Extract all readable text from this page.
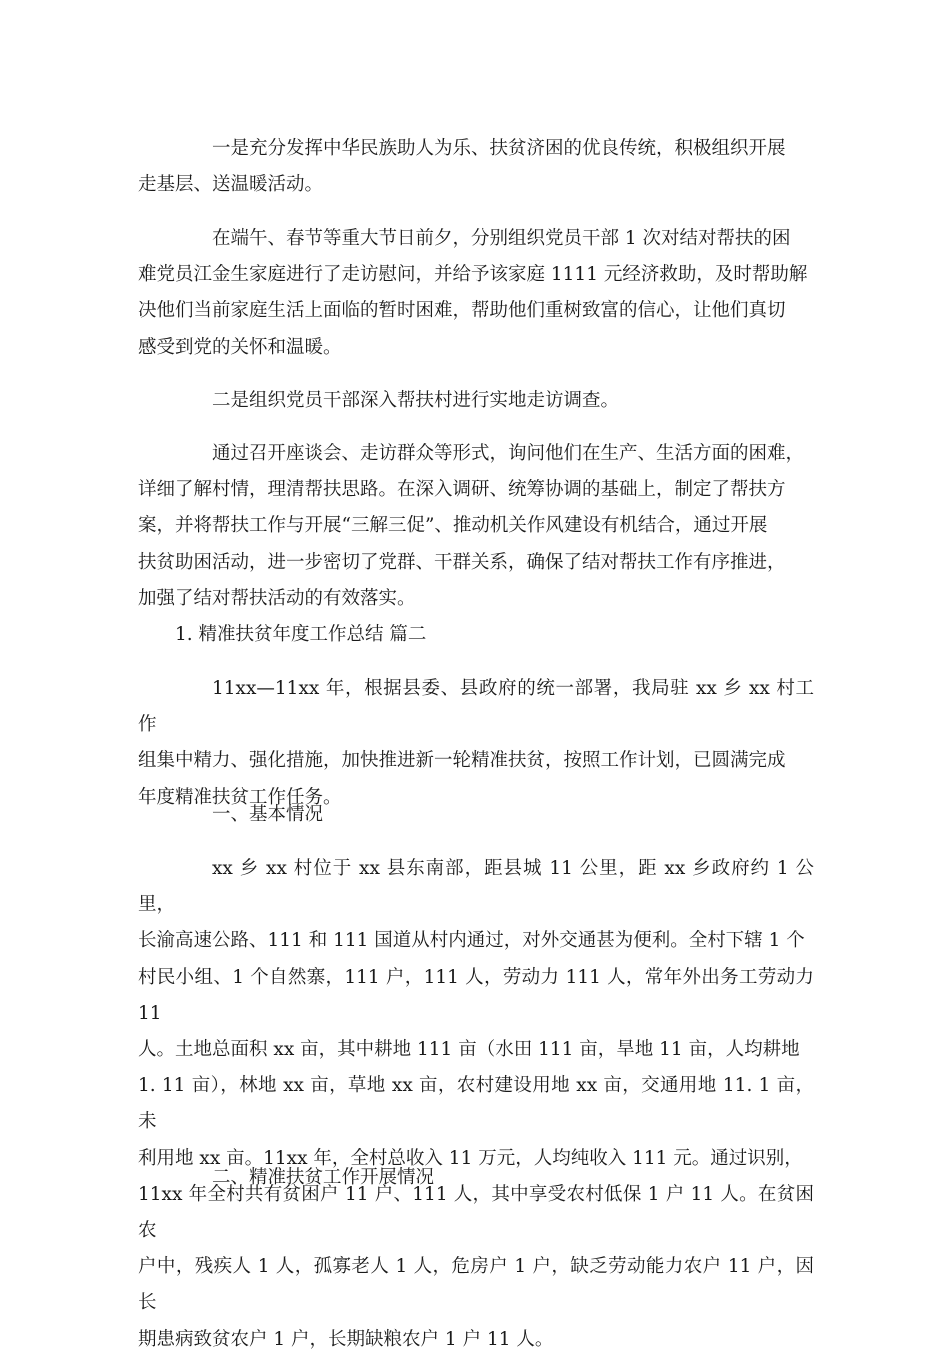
一是充分发挥中华民族助人为乐、扶贫济困的优良传统，积极组织开展
走基层、送温暖活动。

在端午、春节等重大节日前夕，分别组织党员干部 1 次对结对帮扶的困
难党员江金生家庭进行了走访慰问，并给予该家庭 1111 元经济救助，及时帮助解
决他们当前家庭生活上面临的暂时困难，帮助他们重树致富的信心，让他们真切
感受到党的关怀和温暖。

二是组织党员干部深入帮扶村进行实地走访调查。

通过召开座谈会、走访群众等形式，询问他们在生产、生活方面的困难，
详细了解村情，理清帮扶思路。在深入调研、统筹协调的基础上，制定了帮扶方
案，并将帮扶工作与开展“三解三促”、推动机关作风建设有机结合，通过开展
扶贫助困活动，进一步密切了党群、干群关系，确保了结对帮扶工作有序推进，
加强了结对帮扶活动的有效落实。

1. 精准扶贫年度工作总结 篇二

11xx—11xx 年，根据县委、县政府的统一部署，我局驻 xx 乡 xx 村工作
组集中精力、强化措施，加快推进新一轮精准扶贫，按照工作计划，已圆满完成
年度精准扶贫工作任务。

一、基本情况

xx 乡 xx 村位于 xx 县东南部，距县城 11 公里，距 xx 乡政府约 1 公里，
长渝高速公路、111 和 111 国道从村内通过，对外交通甚为便利。全村下辖 1 个
村民小组、1 个自然寨，111 户，111 人，劳动力 111 人，常年外出务工劳动力 11
人。土地总面积 xx 亩，其中耕地 111 亩（水田 111 亩，旱地 11 亩，人均耕地
1. 11 亩），林地 xx 亩，草地 xx 亩，农村建设用地 xx 亩，交通用地 11. 1 亩，未
利用地 xx 亩。11xx 年，全村总收入 11 万元，人均纯收入 111 元。通过识别，
11xx 年全村共有贫困户 11 户、111 人，其中享受农村低保 1 户 11 人。在贫困农
户中，残疾人 1 人，孤寡老人 1 人，危房户 1 户，缺乏劳动能力农户 11 户，因长
期患病致贫农户 1 户，长期缺粮农户 1 户 11 人。

二、精准扶贫工作开展情况
